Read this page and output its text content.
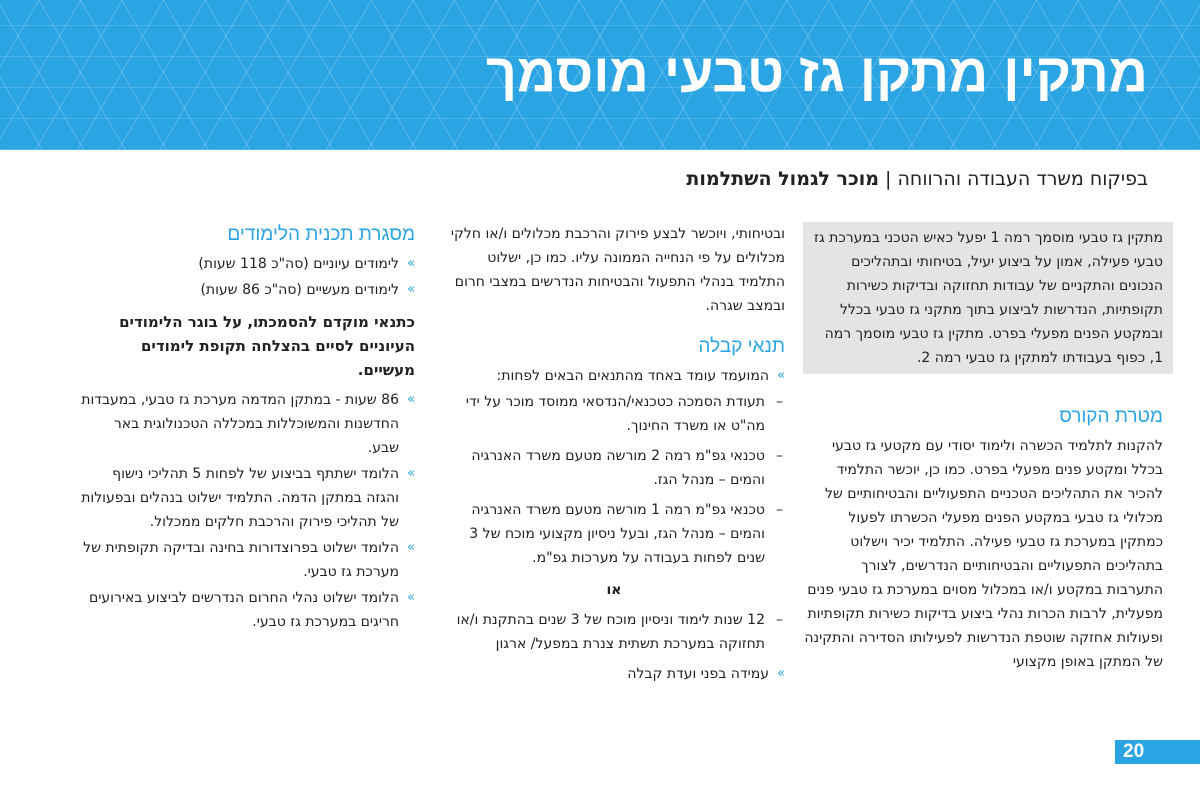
מתקין מתקן גז טבעי מוסמך
בפיקוח משרד העבודה והרווחה | מוכר לגמול השתלמות

מתקין גז טבעי מוסמך רמה 1 יפעל כאיש הטכני במערכת גז טבעי פעילה, אמון על ביצוע יעיל, בטיחותי ובתהליכים הנכונים והתקניים של עבודות תחזוקה ובדיקות כשירות תקופתיות, הנדרשות לביצוע בתוך מתקני גז טבעי בכלל ובמקטע הפנים מפעלי בפרט. מתקין גז טבעי מוסמך רמה 1, כפוף בעבודתו למתקין גז טבעי רמה 2.

מטרת הקורס

להקנות לתלמיד הכשרה ולימוד יסודי עם מקטעי גז טבעי בכלל ומקטע פנים מפעלי בפרט. כמו כן, יוכשר התלמיד להכיר את התהליכים הטכניים התפעוליים והבטיחותיים של מכלולי גז טבעי במקטע הפנים מפעלי הכשרתו לפעול כמתקין במערכת גז טבעי פעילה. התלמיד יכיר וישלוט בתהליכים התפעוליים והבטיחותיים הנדרשים, לצורך התערבות במקטע ו/או במכלול מסוים במערכת גז טבעי פנים מפעלית, לרבות הכרות נהלי ביצוע בדיקות כשירות תקופתיות ופעולות אחזקה שוטפת הנדרשות לפעילותו הסדירה והתקינה של המתקן באופן מקצועי

ובטיחותי, ויוכשר לבצע פירוק והרכבת מכלולים ו/או חלקי מכלולים על פי הנחייה הממונה עליו. כמו כן, ישלוט התלמיד בנהלי התפעול והבטיחות הנדרשים במצבי חרום ובמצב שגרה.

תנאי קבלה
»
המועמד עומד באחד מהתנאים הבאים לפחות:
–
תעודת הסמכה כטכנאי/הנדסאי ממוסד מוכר על ידי מה"ט או משרד החינוך.
–
טכנאי גפ"מ רמה 2 מורשה מטעם משרד האנרגיה והמים – מנהל הגז.
–
טכנאי גפ"מ רמה 1 מורשה מטעם משרד האנרגיה והמים – מנהל הגז, ובעל ניסיון מקצועי מוכח של 3 שנים לפחות בעבודה על מערכות גפ"מ.
או
–
12 שנות לימוד וניסיון מוכח של 3 שנים בהתקנת ו/או תחזוקה במערכת תשתית צנרת במפעל/ ארגון
»
עמידה בפני ועדת קבלה
מסגרת תכנית הלימודים
»
לימודים עיוניים (סה"כ 118 שעות)
»
לימודים מעשיים (סה"כ 86 שעות)

כתנאי מוקדם להסמכתו, על בוגר הלימודים העיוניים לסיים בהצלחה תקופת לימודים מעשיים.

»
86 שעות - במתקן המדמה מערכת גז טבעי, במעבדות החדשנות והמשוכללות במכללה הטכנולוגית באר שבע.
»
הלומד ישתתף בביצוע של לפחות 5 תהליכי נישוף והגזה במתקן הדמה. התלמיד ישלוט בנהלים ובפעולות של תהליכי פירוק והרכבת חלקים ממכלול.
»
הלומד ישלוט בפרוצדורות בחינה ובדיקה תקופתית של מערכת גז טבעי.
»
הלומד ישלוט נהלי החרום הנדרשים לביצוע באירועים חריגים במערכת גז טבעי.
20
